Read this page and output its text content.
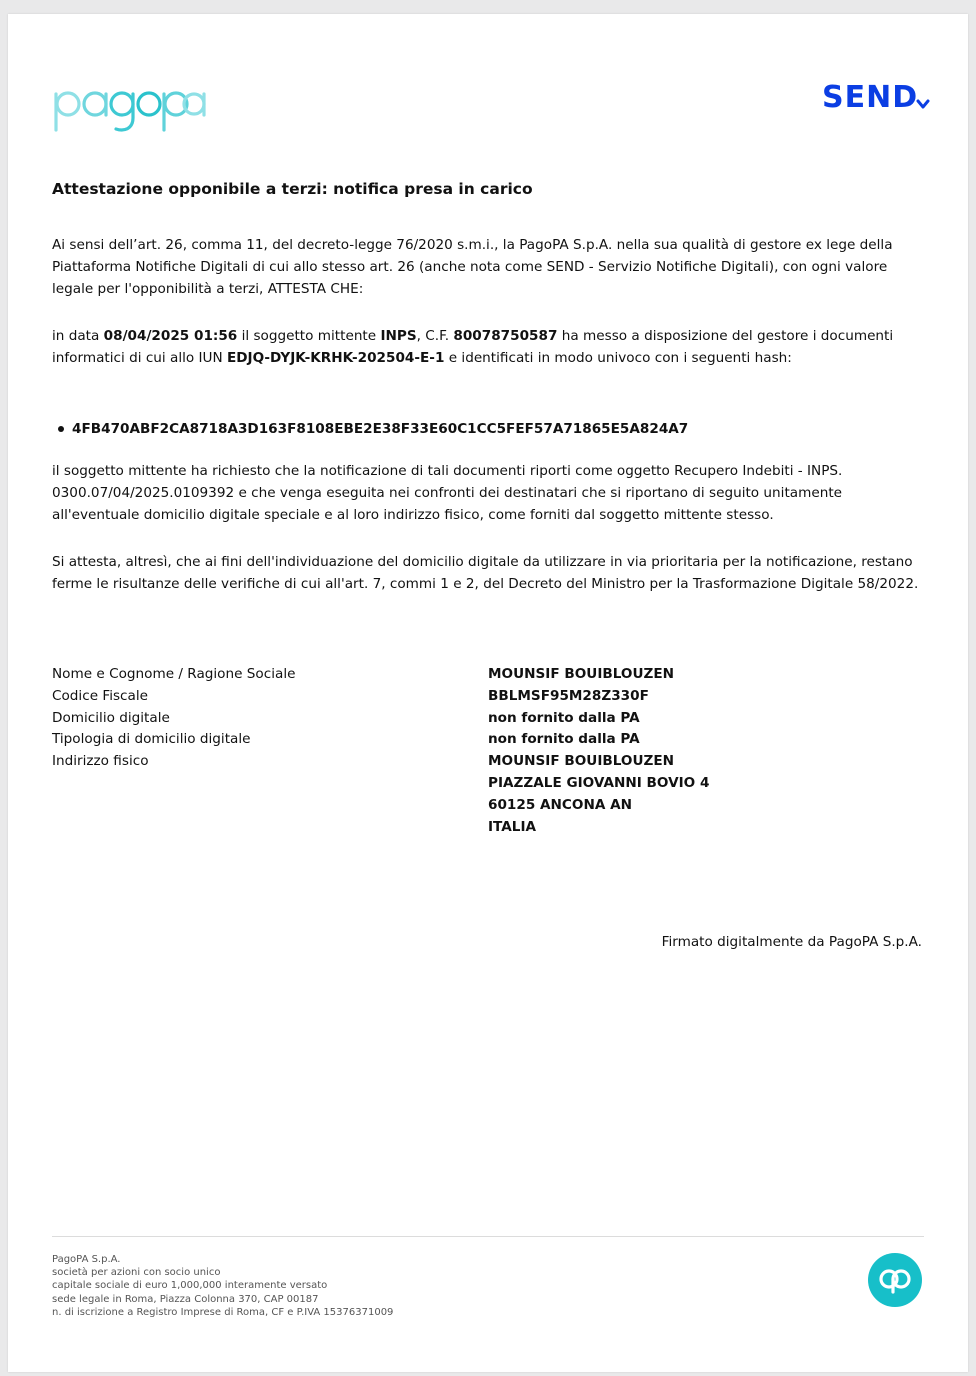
SEND
Attestazione opponibile a terzi: notifica presa in carico

Ai sensi dell’art. 26, comma 11, del decreto-legge 76/2020 s.m.i., la PagoPA S.p.A. nella sua qualità di gestore ex lege della Piattaforma Notifiche Digitali di cui allo stesso art. 26 (anche nota come SEND - Servizio Notifiche Digitali), con ogni valore legale per l'opponibilità a terzi, ATTESTA CHE:

in data 08/04/2025 01:56 il soggetto mittente INPS, C.F. 80078750587 ha messo a disposizione del gestore i documenti informatici di cui allo IUN EDJQ-DYJK-KRHK-202504-E-1 e identificati in modo univoco con i seguenti hash:

4FB470ABF2CA8718A3D163F8108EBE2E38F33E60C1CC5FEF57A71865E5A824A7

il soggetto mittente ha richiesto che la notificazione di tali documenti riporti come oggetto Recupero Indebiti - INPS. 0300.07/04/2025.0109392 e che venga eseguita nei confronti dei destinatari che si riportano di seguito unitamente all'eventuale domicilio digitale speciale e al loro indirizzo fisico, come forniti dal soggetto mittente stesso.

Si attesta, altresì, che ai fini dell'individuazione del domicilio digitale da utilizzare in via prioritaria per la notificazione, restano ferme le risultanze delle verifiche di cui all'art. 7, commi 1 e 2, del Decreto del Ministro per la Trasformazione Digitale 58/2022.

Nome e Cognome / Ragione Sociale	MOUNSIF BOUIBLOUZEN
Codice Fiscale	BBLMSF95M28Z330F
Domicilio digitale	non fornito dalla PA
Tipologia di domicilio digitale	non fornito dalla PA
Indirizzo fisico	MOUNSIF BOUIBLOUZEN
PIAZZALE GIOVANNI BOVIO 4
60125 ANCONA AN
ITALIA
Firmato digitalmente da PagoPA S.p.A.
PagoPA S.p.A.
società per azioni con socio unico
capitale sociale di euro 1,000,000 interamente versato
sede legale in Roma, Piazza Colonna 370, CAP 00187
n. di iscrizione a Registro Imprese di Roma, CF e P.IVA 15376371009
